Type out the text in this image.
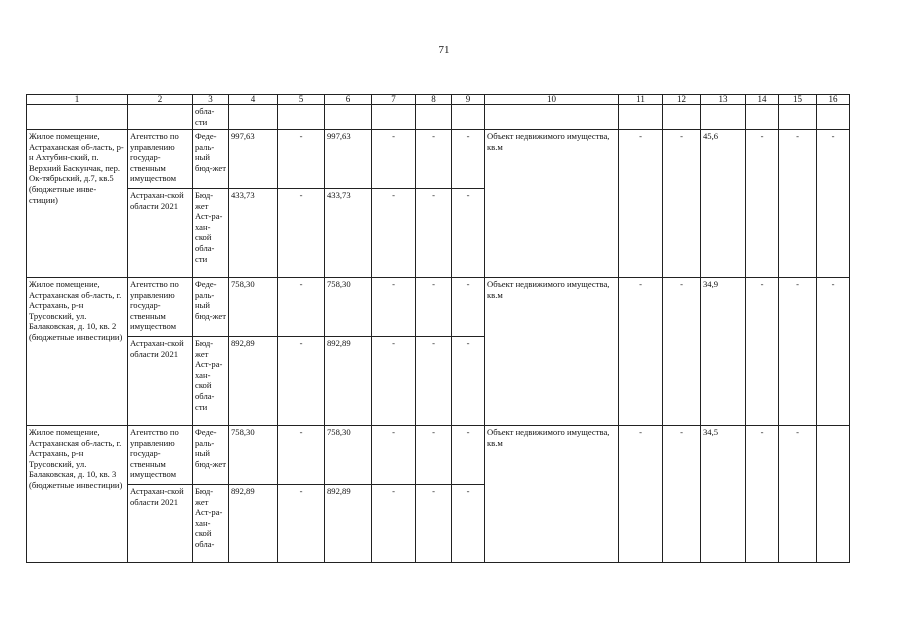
71
1	2	3	4	5	6	7	8	9	10	11	12	13	14	15	16
		обла-сти													
Жилое помещение, Астраханская об-ласть, р-н Ахтубин-ский, п. Верхний Баскунчак, пер. Ок-тябрьский, д.7, кв.5 (бюджетные инве-стиции)	Агентство по управлению государ-ственным имуществом	Феде-раль-ный бюд-жет	997,63	-	997,63	-	-	-	Объект недвижимого имущества, кв.м	-	-	45,6	-	-	-
	Астрахан-ской области 2021	Бюд-жет Аст-ра-хан-ской обла-сти	433,73	-	433,73	-	-	-							
Жилое помещение, Астраханская об-ласть, г. Астрахань, р-н Трусовский, ул. Балаковская, д. 10, кв. 2 (бюджетные инвестиции)	Агентство по управлению государ-ственным имуществом	Феде-раль-ный бюд-жет	758,30	-	758,30	-	-	-	Объект недвижимого имущества, кв.м	-	-	34,9	-	-	-
	Астрахан-ской области 2021	Бюд-жет Аст-ра-хан-ской обла-сти	892,89	-	892,89	-	-	-							
Жилое помещение, Астраханская об-ласть, г. Астрахань, р-н Трусовский, ул. Балаковская, д. 10, кв. 3 (бюджетные инвестиции)	Агентство по управлению государ-ственным имуществом	Феде-раль-ный бюд-жет	758,30	-	758,30	-	-	-	Объект недвижимого имущества, кв.м	-	-	34,5	-	-	
	Астрахан-ской области 2021	Бюд-жет Аст-ра-хан-ской обла-	892,89	-	892,89	-	-	-							
